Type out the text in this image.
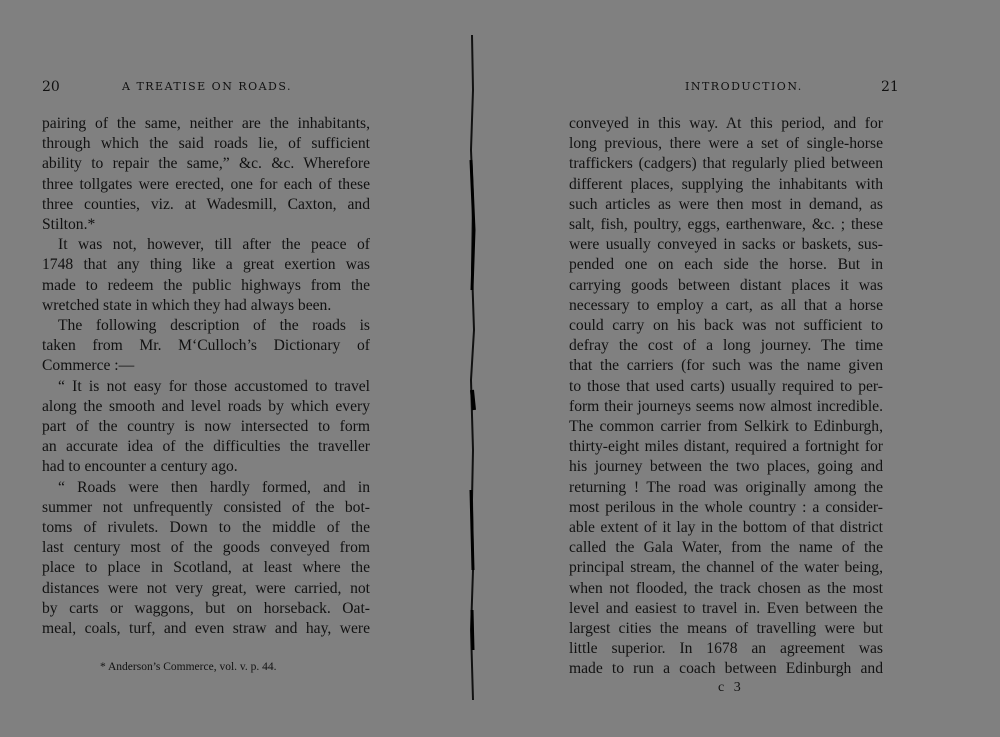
20	A TREATISE ON ROADS.
pairing of the same, neither are the inhabitants,
through which the said roads lie, of sufficient
ability to repair the same,” &c. &c. Wherefore
three tollgates were erected, one for each of these
three counties, viz. at Wadesmill, Caxton, and
Stilton.*
It was not, however, till after the peace of
1748 that any thing like a great exertion was
made to redeem the public highways from the
wretched state in which they had always been.
The following description of the roads is
taken from Mr. M‘Culloch’s Dictionary of
Commerce :—
“ It is not easy for those accustomed to travel
along the smooth and level roads by which every
part of the country is now intersected to form
an accurate idea of the difficulties the traveller
had to encounter a century ago.
“ Roads were then hardly formed, and in
summer not unfrequently consisted of the bot-
toms of rivulets. Down to the middle of the
last century most of the goods conveyed from
place to place in Scotland, at least where the
distances were not very great, were carried, not
by carts or waggons, but on horseback. Oat-
meal, coals, turf, and even straw and hay, were
* Anderson’s Commerce, vol. v. p. 44.
INTRODUCTION.	21
conveyed in this way. At this period, and for
long previous, there were a set of single-horse
traffickers (cadgers) that regularly plied between
different places, supplying the inhabitants with
such articles as were then most in demand, as
salt, fish, poultry, eggs, earthenware, &c. ; these
were usually conveyed in sacks or baskets, sus-
pended one on each side the horse. But in
carrying goods between distant places it was
necessary to employ a cart, as all that a horse
could carry on his back was not sufficient to
defray the cost of a long journey. The time
that the carriers (for such was the name given
to those that used carts) usually required to per-
form their journeys seems now almost incredible.
The common carrier from Selkirk to Edinburgh,
thirty-eight miles distant, required a fortnight for
his journey between the two places, going and
returning ! The road was originally among the
most perilous in the whole country : a consider-
able extent of it lay in the bottom of that district
called the Gala Water, from the name of the
principal stream, the channel of the water being,
when not flooded, the track chosen as the most
level and easiest to travel in. Even between the
largest cities the means of travelling were but
little superior. In 1678 an agreement was
made to run a coach between Edinburgh and
c 3
